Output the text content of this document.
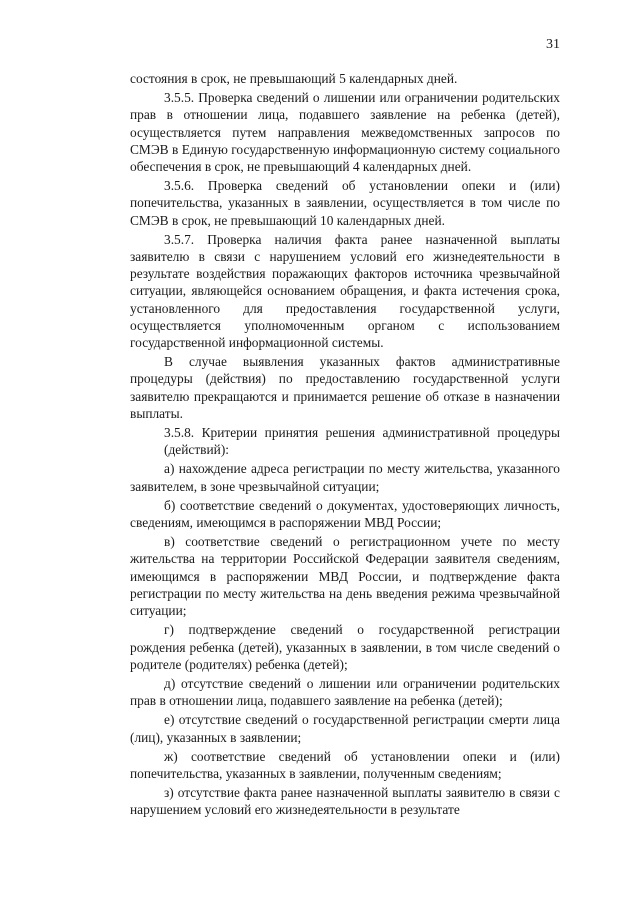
31

состояния в срок, не превышающий 5 календарных дней.

3.5.5. Проверка сведений о лишении или ограничении родительских прав в отношении лица, подавшего заявление на ребенка (детей), осуществляется путем направления межведомственных запросов по СМЭВ в Единую государственную информационную систему социального обеспечения в срок, не превышающий 4 календарных дней.

3.5.6. Проверка сведений об установлении опеки и (или) попечительства, указанных в заявлении, осуществляется в том числе по СМЭВ в срок, не превышающий 10 календарных дней.

3.5.7. Проверка наличия факта ранее назначенной выплаты заявителю в связи с нарушением условий его жизнедеятельности в результате воздействия поражающих факторов источника чрезвычайной ситуации, являющейся основанием обращения, и факта истечения срока, установленного для предоставления государственной услуги, осуществляется уполномоченным органом с использованием государственной информационной системы.

В случае выявления указанных фактов административные процедуры (действия) по предоставлению государственной услуги заявителю прекращаются и принимается решение об отказе в назначении выплаты.

3.5.8. Критерии принятия решения административной процедуры (действий):

а) нахождение адреса регистрации по месту жительства, указанного заявителем, в зоне чрезвычайной ситуации;

б) соответствие сведений о документах, удостоверяющих личность, сведениям, имеющимся в распоряжении МВД России;

в) соответствие сведений о регистрационном учете по месту жительства на территории Российской Федерации заявителя сведениям, имеющимся в распоряжении МВД России, и подтверждение факта регистрации по месту жительства на день введения режима чрезвычайной ситуации;

г) подтверждение сведений о государственной регистрации рождения ребенка (детей), указанных в заявлении, в том числе сведений о родителе (родителях) ребенка (детей);

д) отсутствие сведений о лишении или ограничении родительских прав в отношении лица, подавшего заявление на ребенка (детей);

е) отсутствие сведений о государственной регистрации смерти лица (лиц), указанных в заявлении;

ж) соответствие сведений об установлении опеки и (или) попечительства, указанных в заявлении, полученным сведениям;

з) отсутствие факта ранее назначенной выплаты заявителю в связи с нарушением условий его жизнедеятельности в результате
